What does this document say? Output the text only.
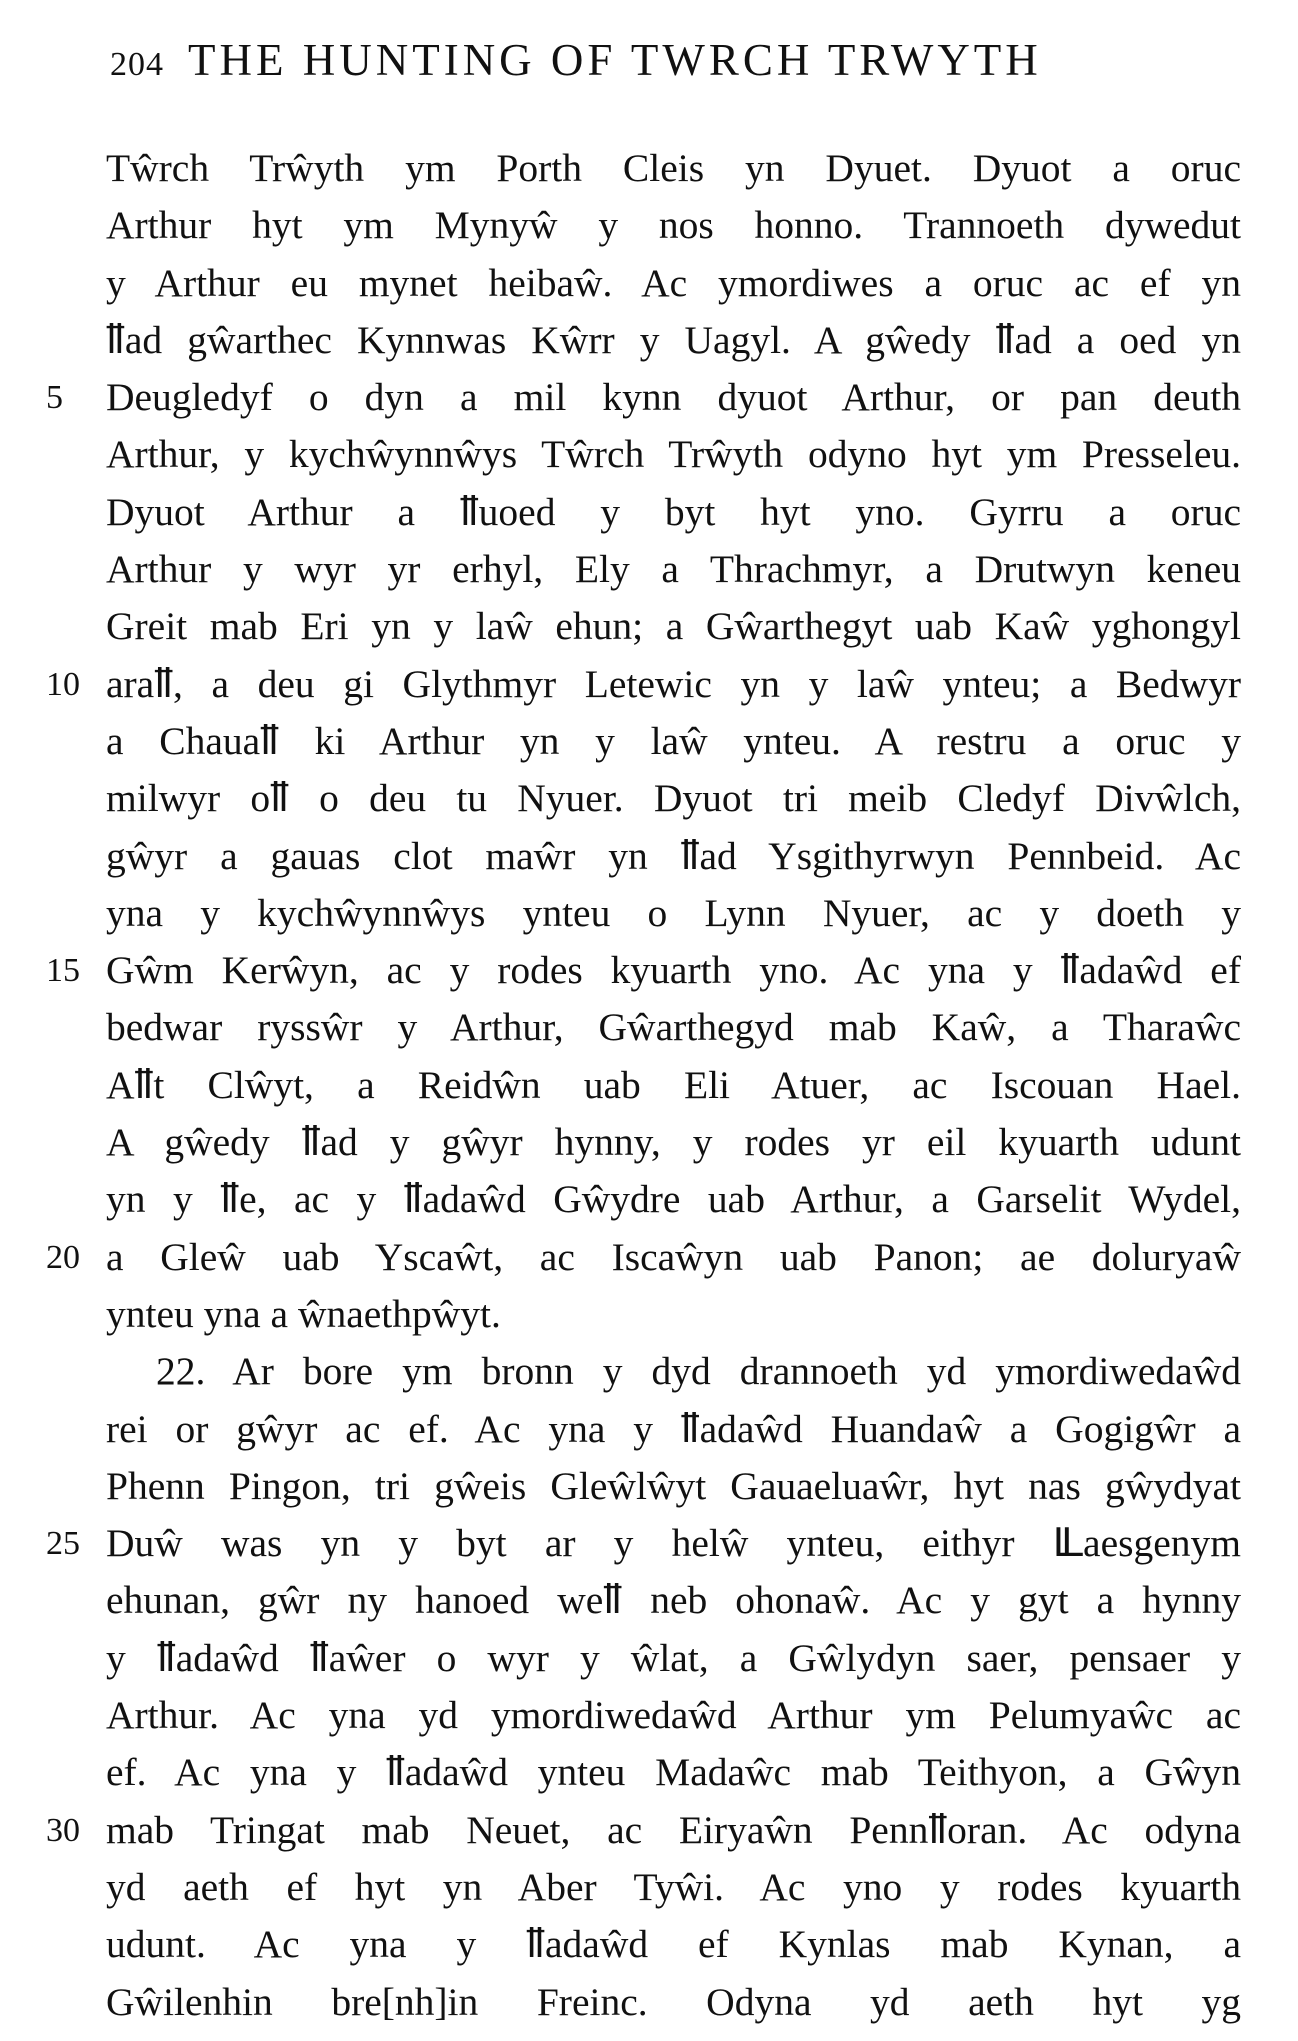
204 THE HUNTING OF TWRCH TRWYTH
Tŵrch Trŵyth ym Porth Cleis yn Dyuet. Dyuot a oruc
Arthur hyt ym Mynyŵ y nos honno. Trannoeth dywedut
y Arthur eu mynet heibaŵ. Ac ymordiwes a oruc ac ef yn
ỻad gŵarthec Kynnwas Kŵrr y Uagyl. A gŵedy ỻad a oed yn
5	Deugledyf o dyn a mil kynn dyuot Arthur, or pan deuth
Arthur, y kychŵynnŵys Tŵrch Trŵyth odyno hyt ym Presseleu.
Dyuot Arthur a ỻuoed y byt hyt yno. Gyrru a oruc
Arthur y wyr yr erhyl, Ely a Thrachmyr, a Drutwyn keneu
Greit mab Eri yn y laŵ ehun; a Gŵarthegyt uab Kaŵ yghongyl
10 araỻ, a deu gi Glythmyr Letewic yn y laŵ ynteu; a Bedwyr
a Chauaỻ ki Arthur yn y laŵ ynteu. A restru a oruc y
milwyr oỻ o deu tu Nyuer. Dyuot tri meib Cledyf Divŵlch,
gŵyr a gauas clot maŵr yn ỻad Ysgithyrwyn Pennbeid. Ac
yna y kychŵynnŵys ynteu o Lynn Nyuer, ac y doeth y
15 Gŵm Kerŵyn, ac y rodes kyuarth yno. Ac yna y ỻadaŵd ef
bedwar ryssŵr y Arthur, Gŵarthegyd mab Kaŵ, a Tharaŵc
Aỻt Clŵyt, a Reidŵn uab Eli Atuer, ac Iscouan Hael.
A gŵedy ỻad y gŵyr hynny, y rodes yr eil kyuarth udunt
yn y ỻe, ac y ỻadaŵd Gŵydre uab Arthur, a Garselit Wydel,
20 a Gleŵ uab Yscaŵt, ac Iscaŵyn uab Panon; ae doluryaŵ
ynteu yna a ŵnaethpŵyt.
22. Ar bore ym bronn y dyd drannoeth yd ymordiwedaŵd
rei or gŵyr ac ef. Ac yna y ỻadaŵd Huandaŵ a Gogigŵr a
Phenn Pingon, tri gŵeis Gleŵlŵyt Gauaeluaŵr, hyt nas gŵydyat
25 Duŵ was yn y byt ar y helŵ ynteu, eithyr Ỻaesgenym
ehunan, gŵr ny hanoed weỻ neb ohonaŵ. Ac y gyt a hynny
y ỻadaŵd ỻaŵer o wyr y ŵlat, a Gŵlydyn saer, pensaer y
Arthur. Ac yna yd ymordiwedaŵd Arthur ym Pelumyaŵc ac
ef. Ac yna y ỻadaŵd ynteu Madaŵc mab Teithyon, a Gŵyn
30 mab Tringat mab Neuet, ac Eiryaŵn Pennỻoran. Ac odyna
yd aeth ef hyt yn Aber Tyŵi. Ac yno y rodes kyuarth
udunt. Ac yna y ỻadaŵd ef Kynlas mab Kynan, a
Gŵilenhin bre[nh]in Freinc. Odyna yd aeth hyt yg
